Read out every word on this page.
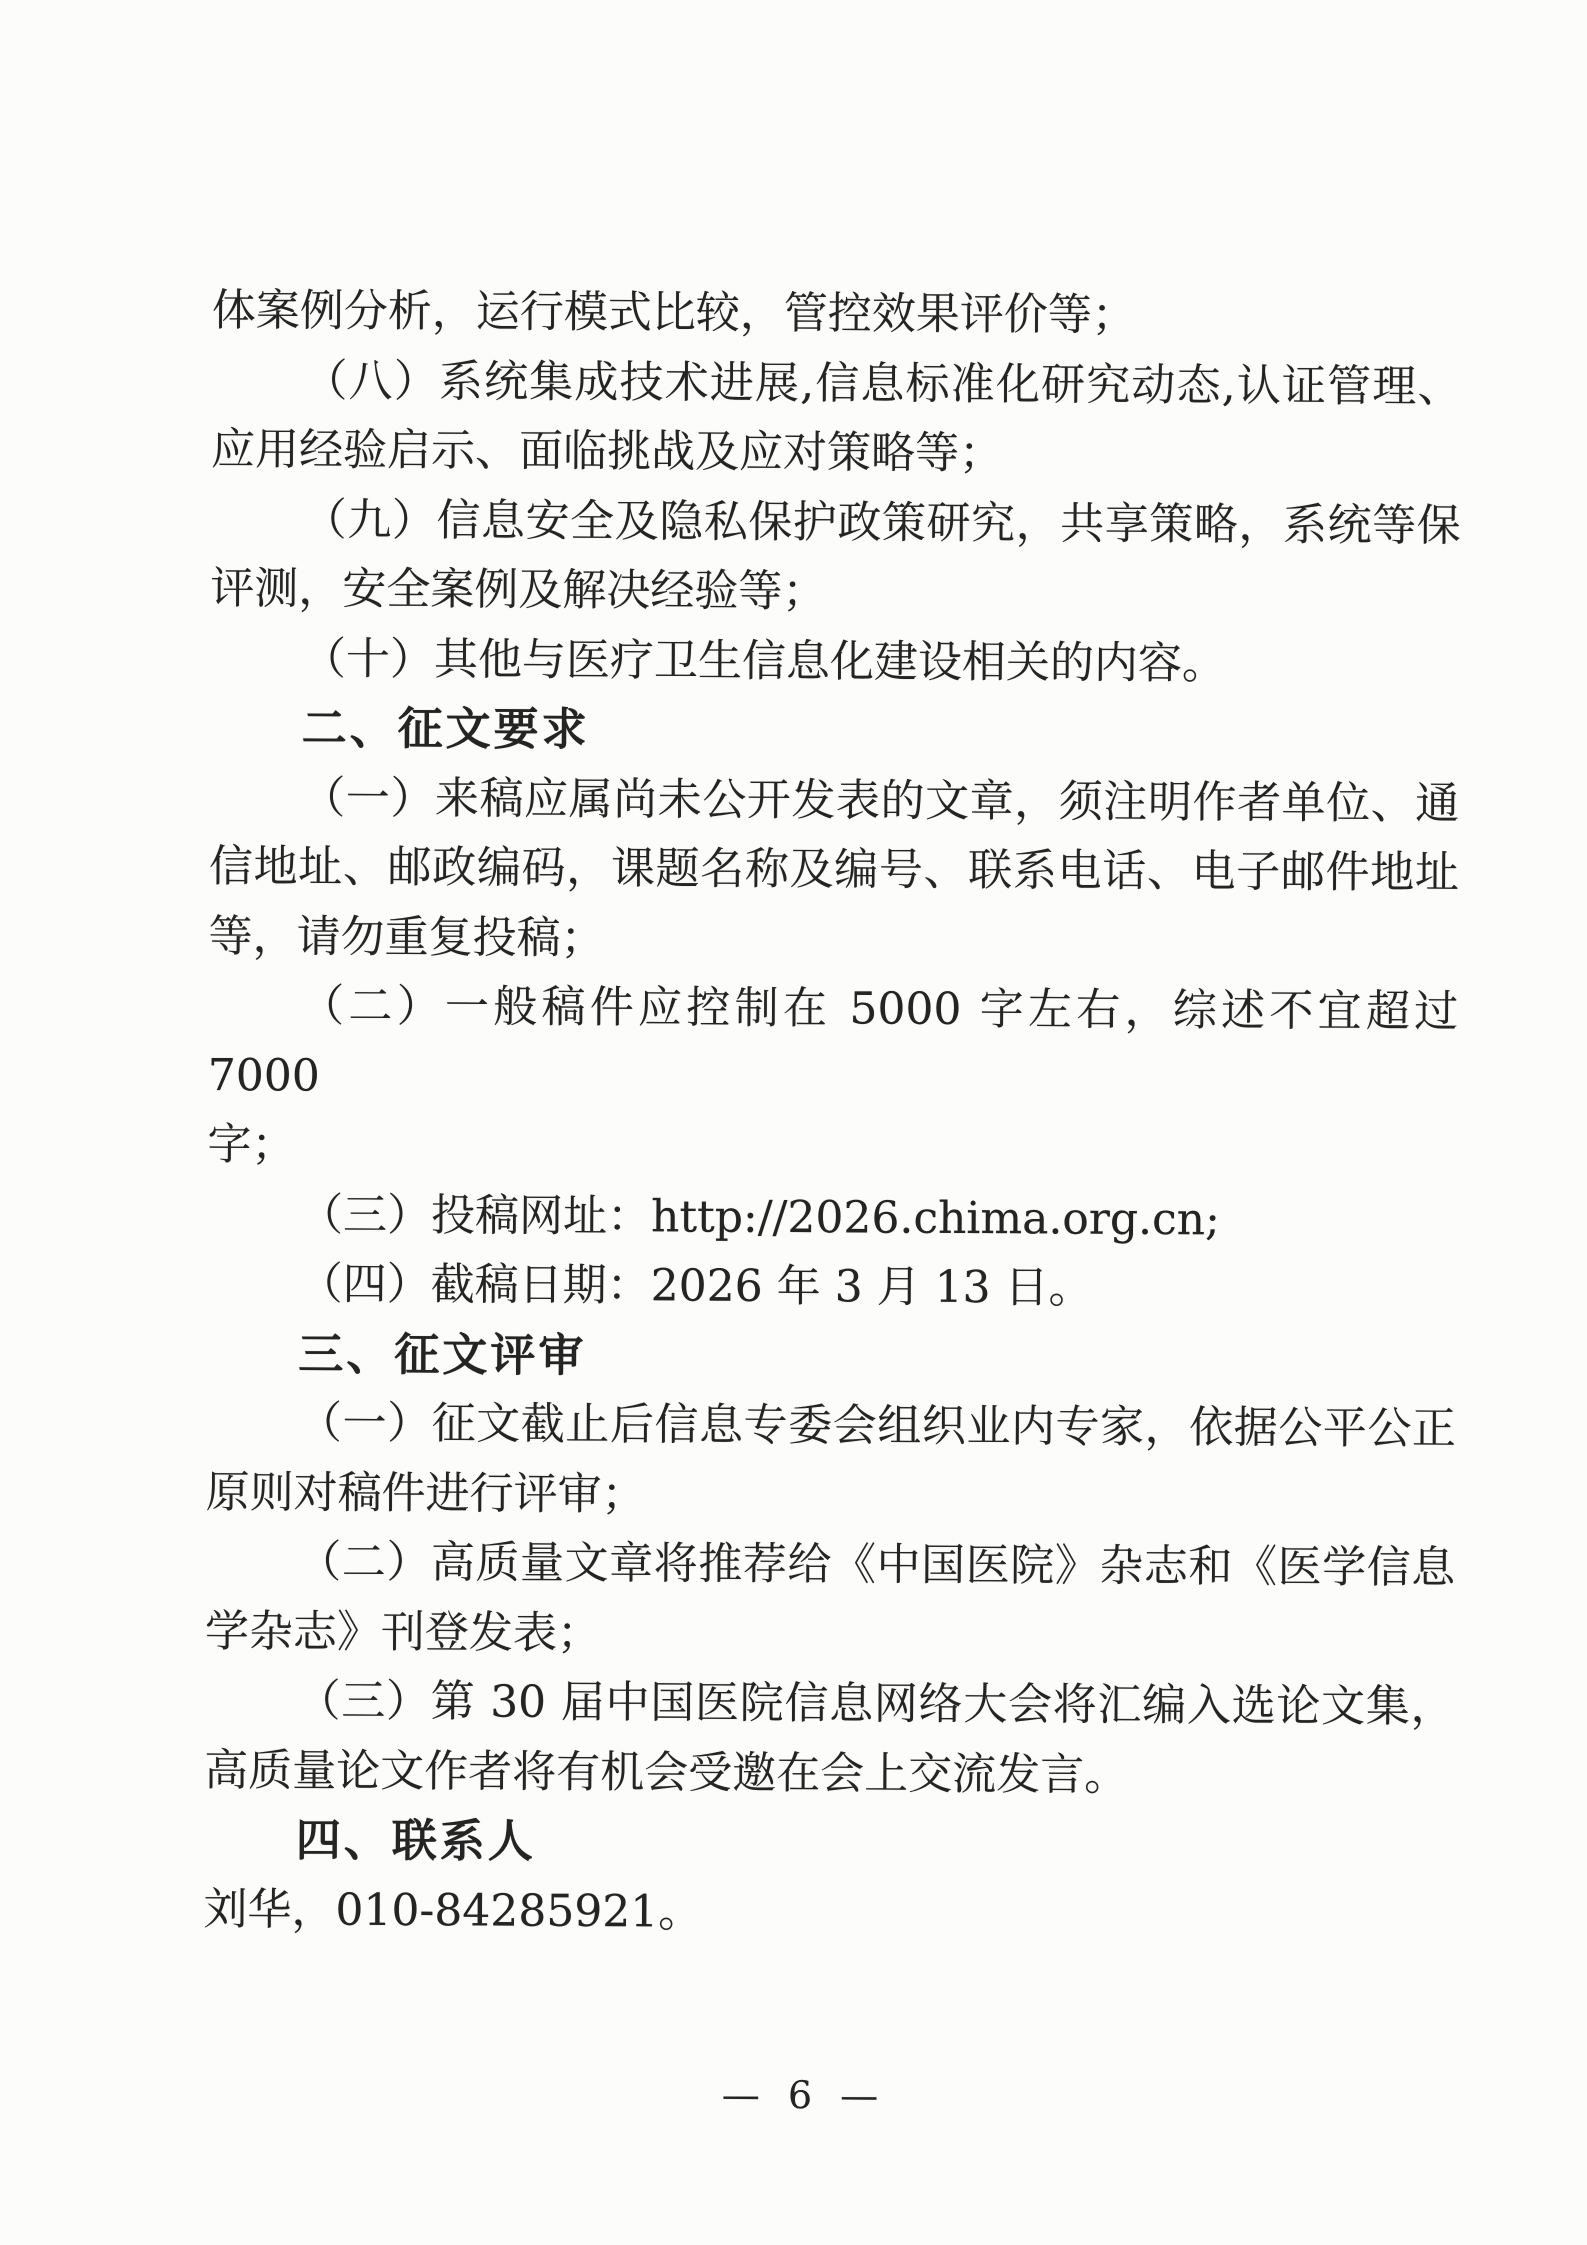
体案例分析，运行模式比较，管控效果评价等；
（八）系统集成技术进展,信息标准化研究动态,认证管理、
应用经验启示、面临挑战及应对策略等；
（九）信息安全及隐私保护政策研究，共享策略，系统等保
评测，安全案例及解决经验等；
（十）其他与医疗卫生信息化建设相关的内容。
二、征文要求
（一）来稿应属尚未公开发表的文章，须注明作者单位、通
信地址、邮政编码，课题名称及编号、联系电话、电子邮件地址
等，请勿重复投稿；
（二）一般稿件应控制在 5000 字左右，综述不宜超过 7000
字；
（三）投稿网址：http://2026.chima.org.cn;
（四）截稿日期：2026 年 3 月 13 日。
三、征文评审
（一）征文截止后信息专委会组织业内专家，依据公平公正
原则对稿件进行评审；
（二）高质量文章将推荐给《中国医院》杂志和《医学信息
学杂志》刊登发表；
（三）第 30 届中国医院信息网络大会将汇编入选论文集，
高质量论文作者将有机会受邀在会上交流发言。
四、联系人
刘华，010-84285921。
— 6 —
